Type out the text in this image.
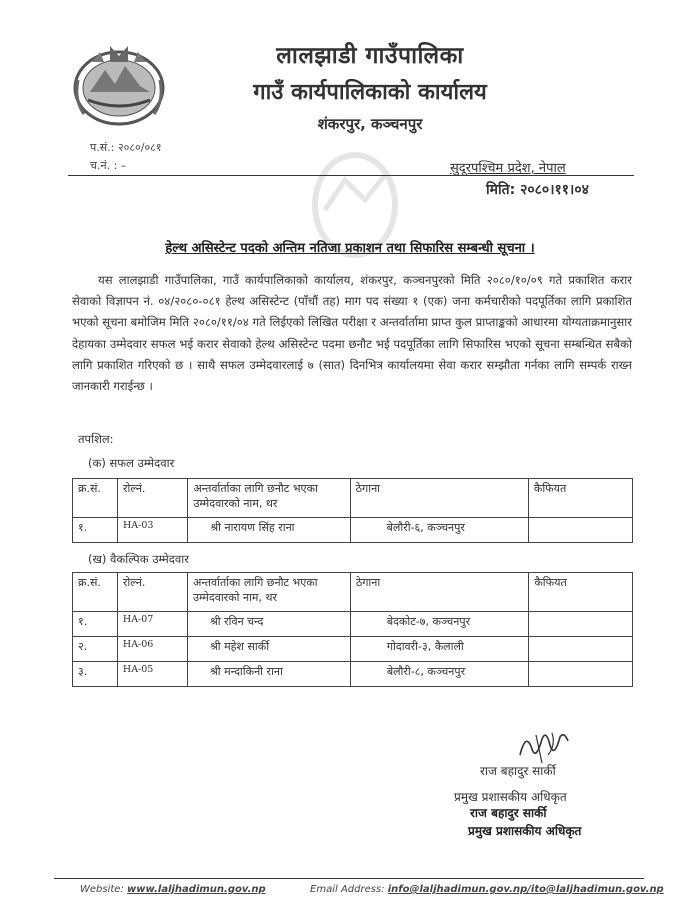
लालझाडी गाउँपालिका
गाउँ कार्यपालिकाको कार्यालय
शंकरपुर, कञ्चनपुर
प.सं.: २०८०/०८१
च.नं. : –	सुदूरपश्चिम प्रदेश, नेपाल
मिति: २०८०।११।०४
हेल्थ असिस्टेन्ट पदको अन्तिम नतिजा प्रकाशन तथा सिफारिस सम्बन्धी सूचना ।

यस लालझाडी गाउँपालिका, गाउँ कार्यपालिकाको कार्यालय, शंकरपुर, कञ्चनपुरको मिति २०८०/१०/०९ गते प्रकाशित करार सेवाको विज्ञापन नं. ०४/२०८०-०८१ हेल्थ असिस्टेन्ट (पाँचौं तह) माग पद संख्या १ (एक) जना कर्मचारीको पदपूर्तिका लागि प्रकाशित भएको सूचना बमोजिम मिति २०८०/११/०४ गते लिईएको लिखित परीक्षा र अन्तर्वार्तामा प्राप्त कुल प्राप्ताङ्कको आधारमा योग्यताक्रमानुसार देहायका उम्मेदवार सफल भई करार सेवाको हेल्थ असिस्टेन्ट पदमा छनौट भई पदपूर्तिका लागि सिफारिस भएको सूचना सम्बन्धित सबैको लागि प्रकाशित गरिएको छ । साथै सफल उम्मेदवारलाई ७ (सात) दिनभित्र कार्यालयमा सेवा करार सम्झौता गर्नका लागि सम्पर्क राख्न जानकारी गराईन्छ ।

तपशिल:
(क) सफल उम्मेदवार
क्र.सं.	रोल्नं.	अन्तर्वार्ताका लागि छनौट भएका उम्मेदवारको नाम, थर	ठेगाना	कैफियत
१.	HA-03	श्री नारायण सिंह राना	बेलौरी-६, कञ्चनपुर	
(ख) वैकल्पिक उम्मेदवार
क्र.सं.	रोल्नं.	अन्तर्वार्ताका लागि छनौट भएका उम्मेदवारको नाम, थर	ठेगाना	कैफियत
१.	HA-07	श्री रविन चन्द	बेदकोट-७, कञ्चनपुर	
२.	HA-06	श्री महेश सार्की	गोदावरी-३, कैलाली	
३.	HA-05	श्री मन्दाकिनी राना	बेलौरी-८, कञ्चनपुर	
राज बहादुर सार्की
प्रमुख प्रशासकीय अधिकृत
राज बहादुर सार्की
प्रमुख प्रशासकीय अधिकृत
Website: www.laljhadimun.gov.np	Email Address: info@laljhadimun.gov.np/ito@laljhadimun.gov.np
